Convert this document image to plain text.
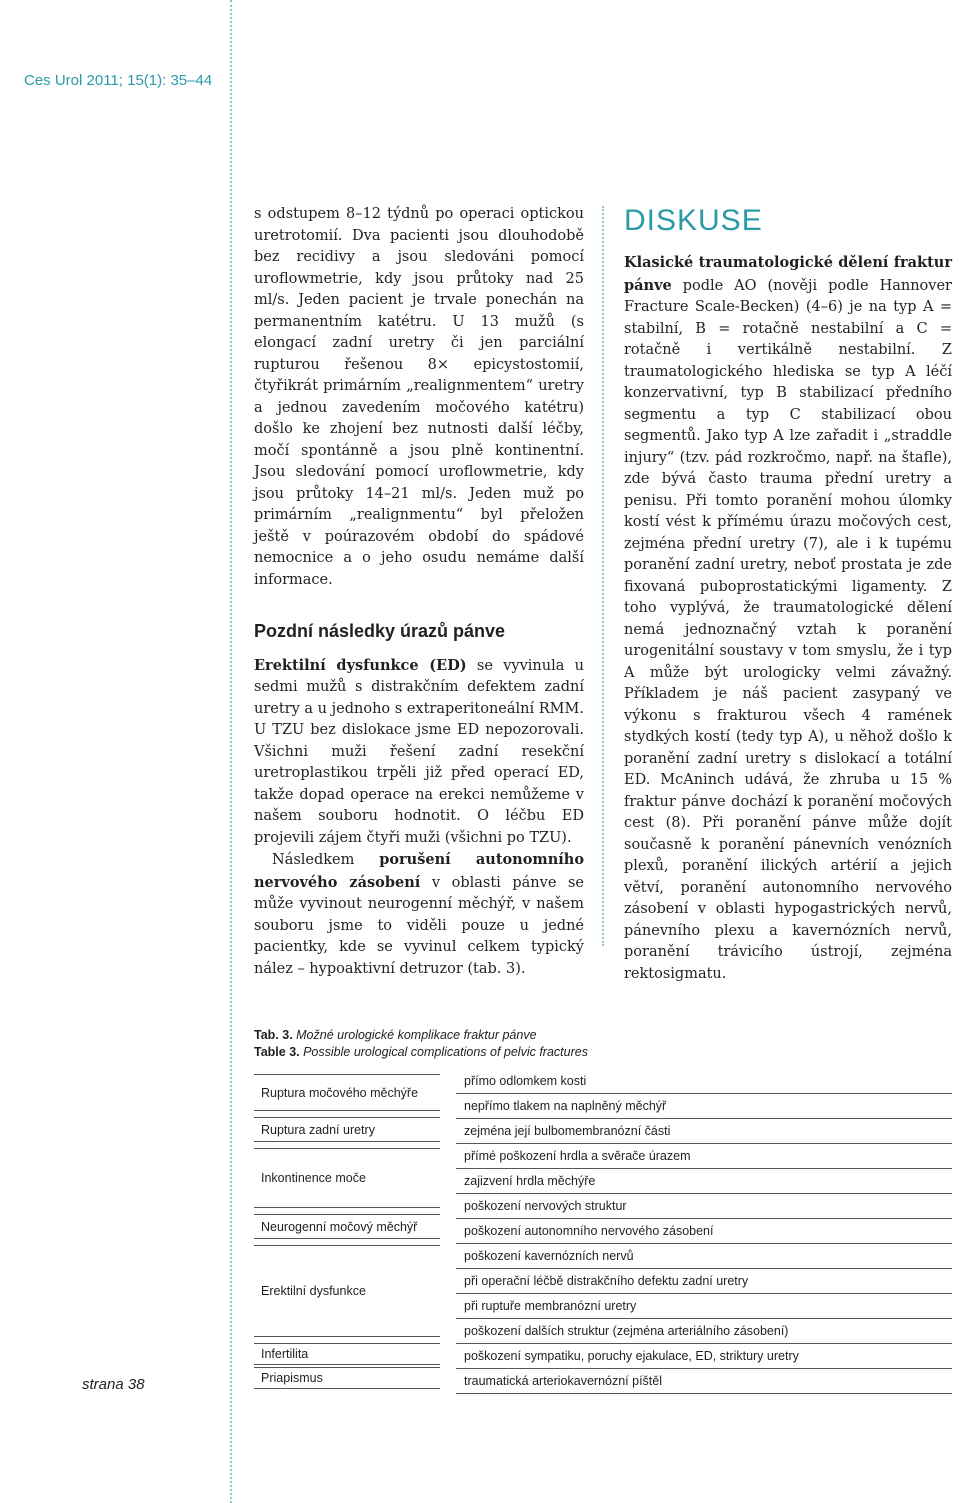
Ces Urol 2011; 15(1): 35–44

s odstupem 8–12 týdnů po operaci optickou uretrotomií. Dva pacienti jsou dlouhodobě bez recidivy a jsou sledováni pomocí uroflowmetrie, kdy jsou průtoky nad 25 ml/s. Jeden pacient je trvale ponechán na permanentním katétru. U 13 mužů (s elongací zadní uretry či jen parciální rupturou řešenou 8× epicystostomií, čtyřikrát primárním „realignmentem“ uretry a jednou zavedením močového katétru) došlo ke zhojení bez nutnosti další léčby, močí spontánně a jsou plně kontinentní. Jsou sledování pomocí uroflowmetrie, kdy jsou průtoky 14–21 ml/s. Jeden muž po primárním „realignmentu“ byl přeložen ještě v poúrazovém období do spádové nemocnice a o jeho osudu nemáme další informace.

Pozdní následky úrazů pánve

Erektilní dysfunkce (ED) se vyvinula u sedmi mužů s distrakčním defektem zadní uretry a u jednoho s extraperitoneální RMM. U TZU bez dislokace jsme ED nepozorovali. Všichni muži řešení zadní resekční uretroplastikou trpěli již před operací ED, takže dopad operace na erekci nemůžeme v našem souboru hodnotit. O léčbu ED projevili zájem čtyři muži (všichni po TZU).

Následkem porušení autonomního nervového zásobení v oblasti pánve se může vyvinout neurogenní měchýř, v našem souboru jsme to viděli pouze u jedné pacientky, kde se vyvinul celkem typický nález – hypoaktivní detruzor (tab. 3).

DISKUSE

Klasické traumatologické dělení fraktur pánve podle AO (nověji podle Hannover Fracture Scale-Becken) (4–6) je na typ A = stabilní, B = rotačně nestabilní a C = rotačně i vertikálně nestabilní. Z traumatologického hlediska se typ A léčí konzervativní, typ B stabilizací předního segmentu a typ C stabilizací obou segmentů. Jako typ A lze zařadit i „straddle injury“ (tzv. pád rozkročmo, např. na štafle), zde bývá často trauma přední uretry a penisu. Při tomto poranění mohou úlomky kostí vést k přímému úrazu močových cest, zejména přední uretry (7), ale i k tupému poranění zadní uretry, neboť prostata je zde fixovaná puboprostatickými ligamenty. Z toho vyplývá, že traumatologické dělení nemá jednoznačný vztah k poranění urogenitální soustavy v tom smyslu, že i typ A může být urologicky velmi závažný. Příkladem je náš pacient zasypaný ve výkonu s frakturou všech 4 ramének stydkých kostí (tedy typ A), u něhož došlo k poranění zadní uretry s dislokací a totální ED. McAninch udává, že zhruba u 15 % fraktur pánve dochází k poranění močových cest (8). Při poranění pánve může dojít současně k poranění pánevních venózních plexů, poranění ilických artérií a jejich větví, poranění autonomního nervového zásobení v oblasti hypogastrických nervů, pánevního plexu a kavernózních nervů, poranění trávicího ústrojí, zejména rektosigmatu.

Tab. 3. Možné urologické komplikace fraktur pánve
Table 3. Possible urological complications of pelvic fractures
Ruptura močového měchýře
Ruptura zadní uretry
Inkontinence moče
Neurogenní močový měchýř
Erektilní dysfunkce
Infertilita
Priapismus
přímo odlomkem kosti
nepřímo tlakem na naplněný měchýř
zejména její bulbomembranózní části
přímé poškození hrdla a svěrače úrazem
zajizvení hrdla měchýře
poškození nervových struktur
poškození autonomního nervového zásobení
poškození kavernózních nervů
při operační léčbě distrakčního defektu zadní uretry
při ruptuře membranózní uretry
poškození dalších struktur (zejména arteriálního zásobení)
poškození sympatiku, poruchy ejakulace, ED, striktury uretry
traumatická arteriokavernózní píštěl
strana 38
